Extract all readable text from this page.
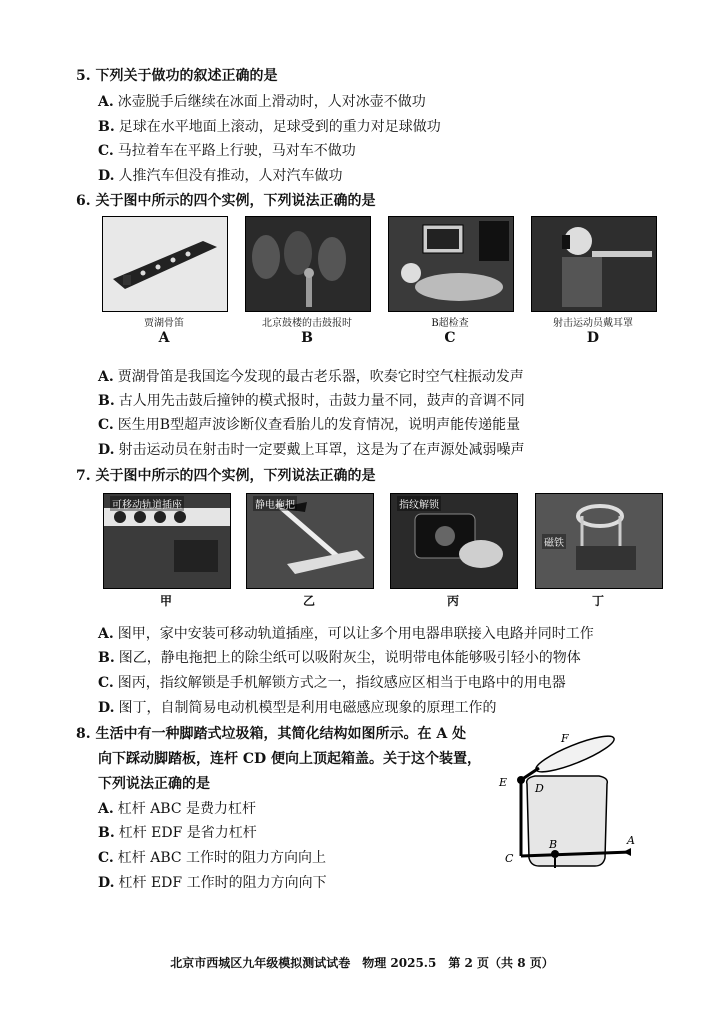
5. 下列关于做功的叙述正确的是
A. 冰壶脱手后继续在冰面上滑动时，人对冰壶不做功
B. 足球在水平地面上滚动，足球受到的重力对足球做功
C. 马拉着车在平路上行驶，马对车不做功
D. 人推汽车但没有推动，人对汽车做功
6. 关于图中所示的四个实例，下列说法正确的是
贾湖骨笛
A
北京鼓楼的击鼓报时
B
B超检查
C
射击运动员戴耳罩
D
A. 贾湖骨笛是我国迄今发现的最古老乐器，吹奏它时空气柱振动发声
B. 古人用先击鼓后撞钟的模式报时，击鼓力量不同，鼓声的音调不同
C. 医生用B型超声波诊断仪查看胎儿的发育情况，说明声能传递能量
D. 射击运动员在射击时一定要戴上耳罩，这是为了在声源处减弱噪声
7. 关于图中所示的四个实例，下列说法正确的是
可移动轨道插座
甲
静电拖把
乙
指纹解锁
丙
磁铁
丁
A. 图甲，家中安装可移动轨道插座，可以让多个用电器串联接入电路并同时工作
B. 图乙，静电拖把上的除尘纸可以吸附灰尘，说明带电体能够吸引轻小的物体
C. 图丙，指纹解锁是手机解锁方式之一，指纹感应区相当于电路中的用电器
D. 图丁，自制简易电动机模型是利用电磁感应现象的原理工作的
8. 生活中有一种脚踏式垃圾箱，其简化结构如图所示。在 A 处
向下踩动脚踏板，连杆 CD 便向上顶起箱盖。关于这个装置，
下列说法正确的是
A. 杠杆 ABC 是费力杠杆
B. 杠杆 EDF 是省力杠杆
C. 杠杆 ABC 工作时的阻力方向向上
D. 杠杆 EDF 工作时的阻力方向向下
F
E	D
C
B	A
北京市西城区九年级模拟测试试卷　物理 2025.5　第 2 页（共 8 页）
